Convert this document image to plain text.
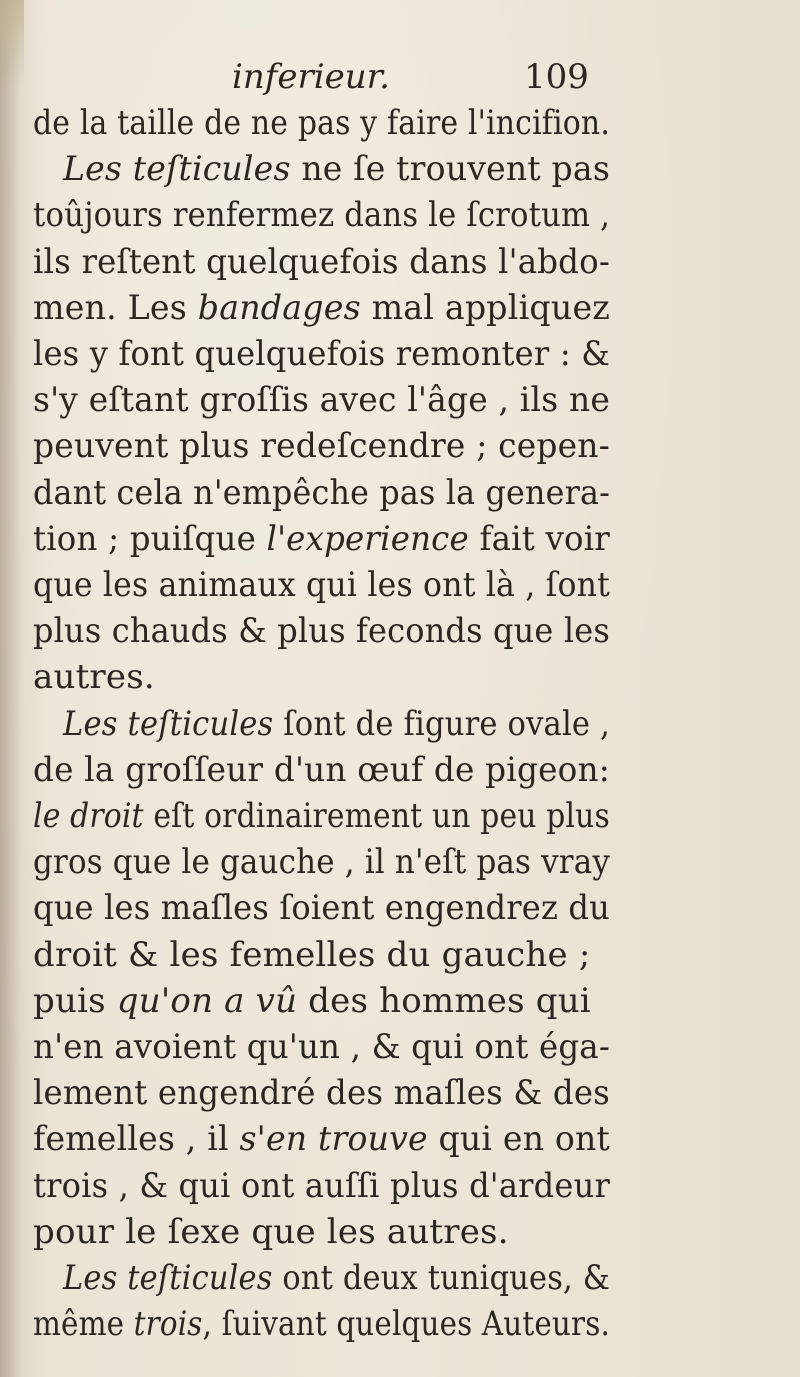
inferieur.	109
de la taille de ne pas y faire l'incifion.
Les teſticules ne ſe trouvent pas
toûjours renfermez dans le ſcrotum ,
ils reſtent quelquefois dans l'abdo-
men. Les bandages mal appliquez
les y font quelquefois remonter : &
s'y eſtant groſſis avec l'âge , ils ne
peuvent plus redeſcendre ; cepen-
dant cela n'empêche pas la genera-
tion ; puiſque l'experience fait voir
que les animaux qui les ont là , ſont
plus chauds & plus feconds que les
autres.
Les teſticules ſont de figure ovale ,
de la groſſeur d'un œuf de pigeon:
le droit eſt ordinairement un peu plus
gros que le gauche , il n'eſt pas vray
que les maſles ſoient engendrez du
droit & les femelles du gauche ;
puis qu'on a vû des hommes qui
n'en avoient qu'un , & qui ont éga-
lement engendré des maſles & des
femelles , il s'en trouve qui en ont
trois , & qui ont auſſi plus d'ardeur
pour le ſexe que les autres.
Les teſticules ont deux tuniques, &
même trois, ſuivant quelques Auteurs.
